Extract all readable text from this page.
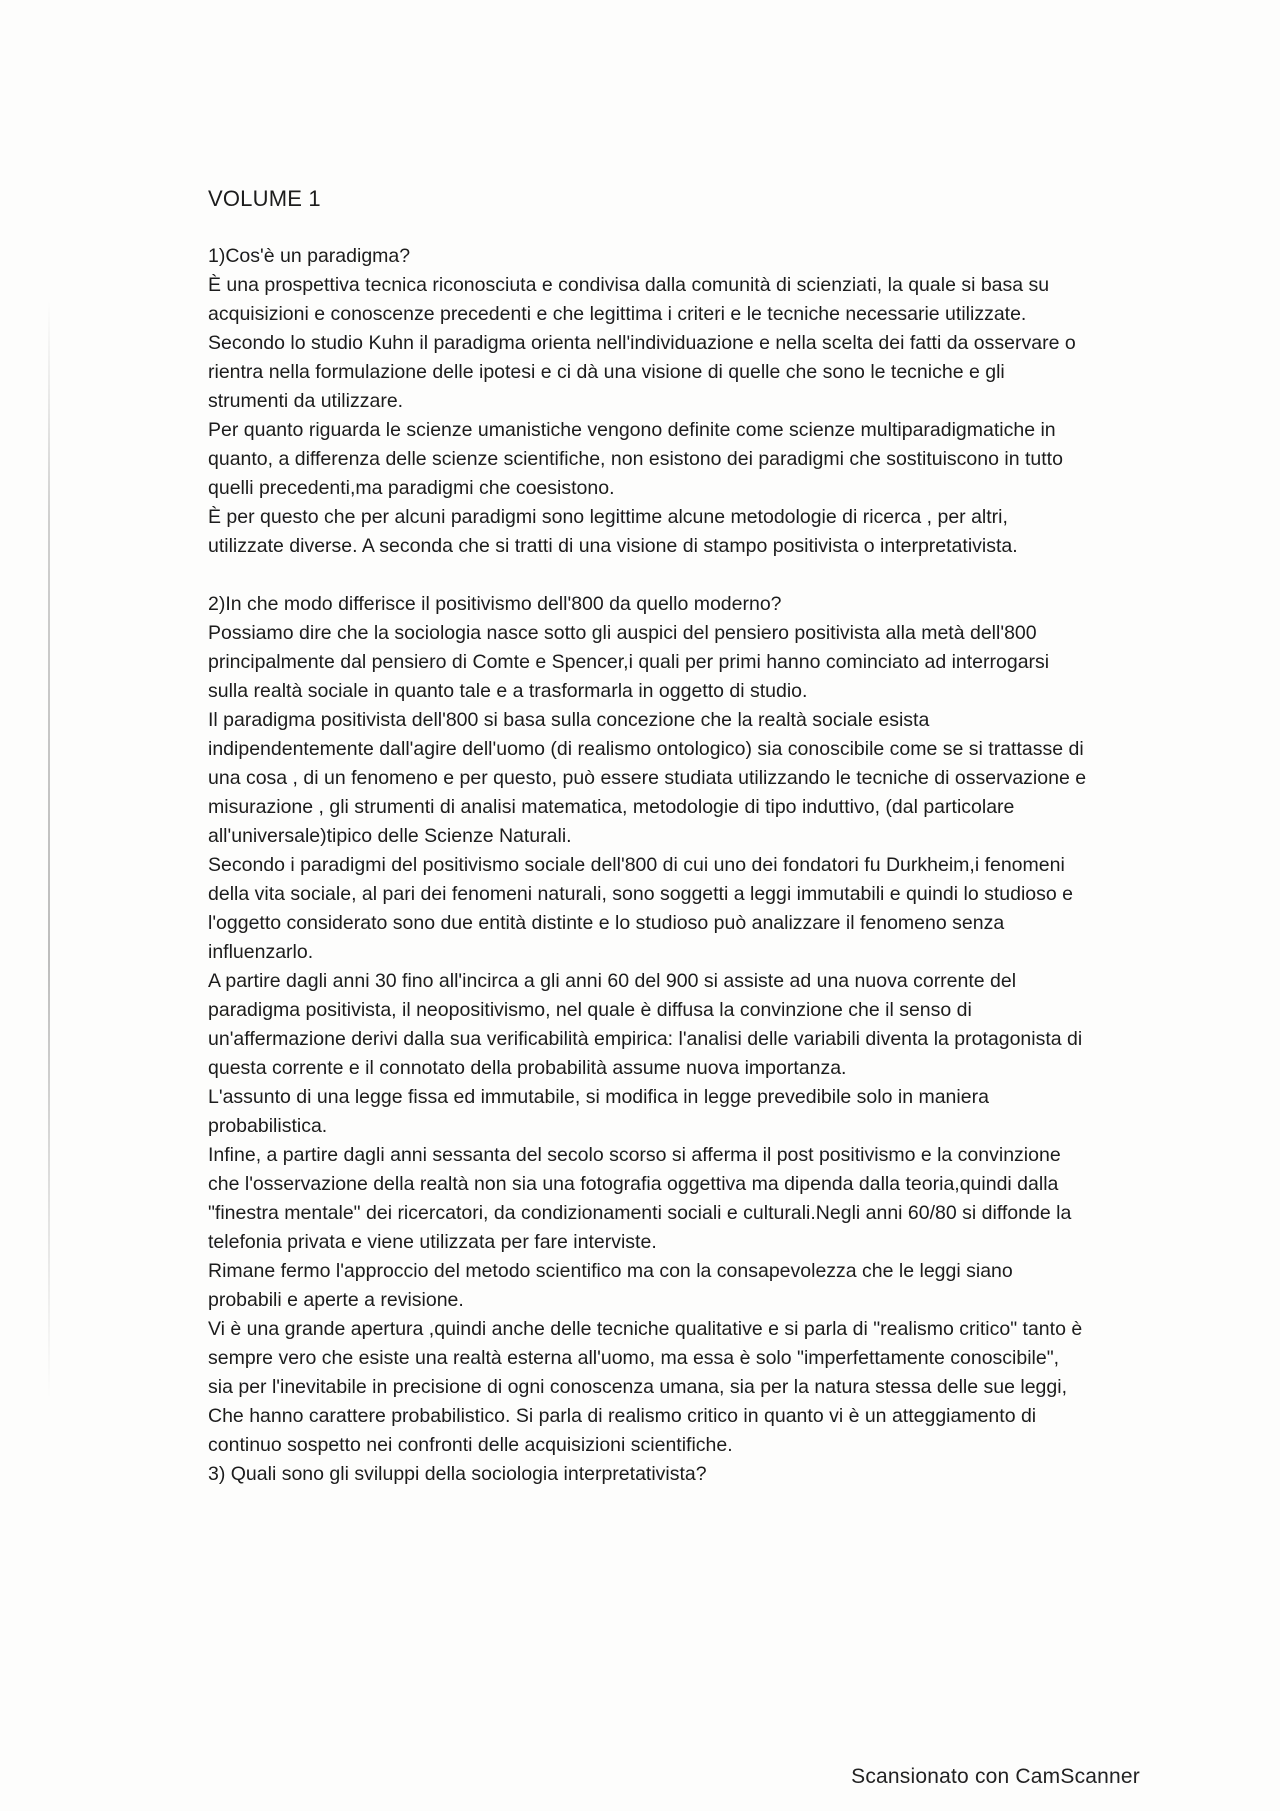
VOLUME 1

1)Cos'è un paradigma?

È una prospettiva tecnica riconosciuta e condivisa dalla comunità di scienziati, la quale si basa su acquisizioni e conoscenze precedenti e che legittima i criteri e le tecniche necessarie utilizzate.

Secondo lo studio Kuhn il paradigma orienta nell'individuazione e nella scelta dei fatti da osservare o rientra nella formulazione delle ipotesi e ci dà una visione di quelle che sono le tecniche e gli strumenti da utilizzare.

Per quanto riguarda le scienze umanistiche vengono definite come scienze multiparadigmatiche in quanto, a differenza delle scienze scientifiche, non esistono dei paradigmi che sostituiscono in tutto quelli precedenti,ma paradigmi che coesistono.

È per questo che per alcuni paradigmi sono legittime alcune metodologie di ricerca , per altri, utilizzate diverse. A seconda che si tratti di una visione di stampo positivista o interpretativista.

2)In che modo differisce il positivismo dell'800 da quello moderno?

Possiamo dire che la sociologia nasce sotto gli auspici del pensiero positivista alla metà dell'800 principalmente dal pensiero di Comte e Spencer,i quali per primi hanno cominciato ad interrogarsi sulla realtà sociale in quanto tale e a trasformarla in oggetto di studio.

Il paradigma positivista dell'800 si basa sulla concezione che la realtà sociale esista indipendentemente dall'agire dell'uomo (di realismo ontologico) sia conoscibile come se si trattasse di una cosa , di un fenomeno e per questo, può essere studiata utilizzando le tecniche di osservazione e misurazione , gli strumenti di analisi matematica, metodologie di tipo induttivo, (dal particolare all'universale)tipico delle Scienze Naturali.

Secondo i paradigmi del positivismo sociale dell'800 di cui uno dei fondatori fu Durkheim,i fenomeni della vita sociale, al pari dei fenomeni naturali, sono soggetti a leggi immutabili e quindi lo studioso e l'oggetto considerato sono due entità distinte e lo studioso può analizzare il fenomeno senza influenzarlo.

A partire dagli anni 30 fino all'incirca a gli anni 60 del 900 si assiste ad una nuova corrente del paradigma positivista, il neopositivismo, nel quale è diffusa la convinzione che il senso di un'affermazione derivi dalla sua verificabilità empirica: l'analisi delle variabili diventa la protagonista di questa corrente e il connotato della probabilità assume nuova importanza.

L'assunto di una legge fissa ed immutabile, si modifica in legge prevedibile solo in maniera probabilistica.

Infine, a partire dagli anni sessanta del secolo scorso si afferma il post positivismo e la convinzione che l'osservazione della realtà non sia una fotografia oggettiva ma dipenda dalla teoria,quindi dalla "finestra mentale" dei ricercatori, da condizionamenti sociali e culturali.Negli anni 60/80 si diffonde la telefonia privata e viene utilizzata per fare interviste.

Rimane fermo l'approccio del metodo scientifico ma con la consapevolezza che le leggi siano probabili e aperte a revisione.

Vi è una grande apertura ,quindi anche delle tecniche qualitative e si parla di "realismo critico" tanto è sempre vero che esiste una realtà esterna all'uomo, ma essa è solo "imperfettamente conoscibile", sia per l'inevitabile in precisione di ogni conoscenza umana, sia per la natura stessa delle sue leggi, Che hanno carattere probabilistico. Si parla di realismo critico in quanto vi è un atteggiamento di continuo sospetto nei confronti delle acquisizioni scientifiche.

3) Quali sono gli sviluppi della sociologia interpretativista?

Scansionato con CamScanner
